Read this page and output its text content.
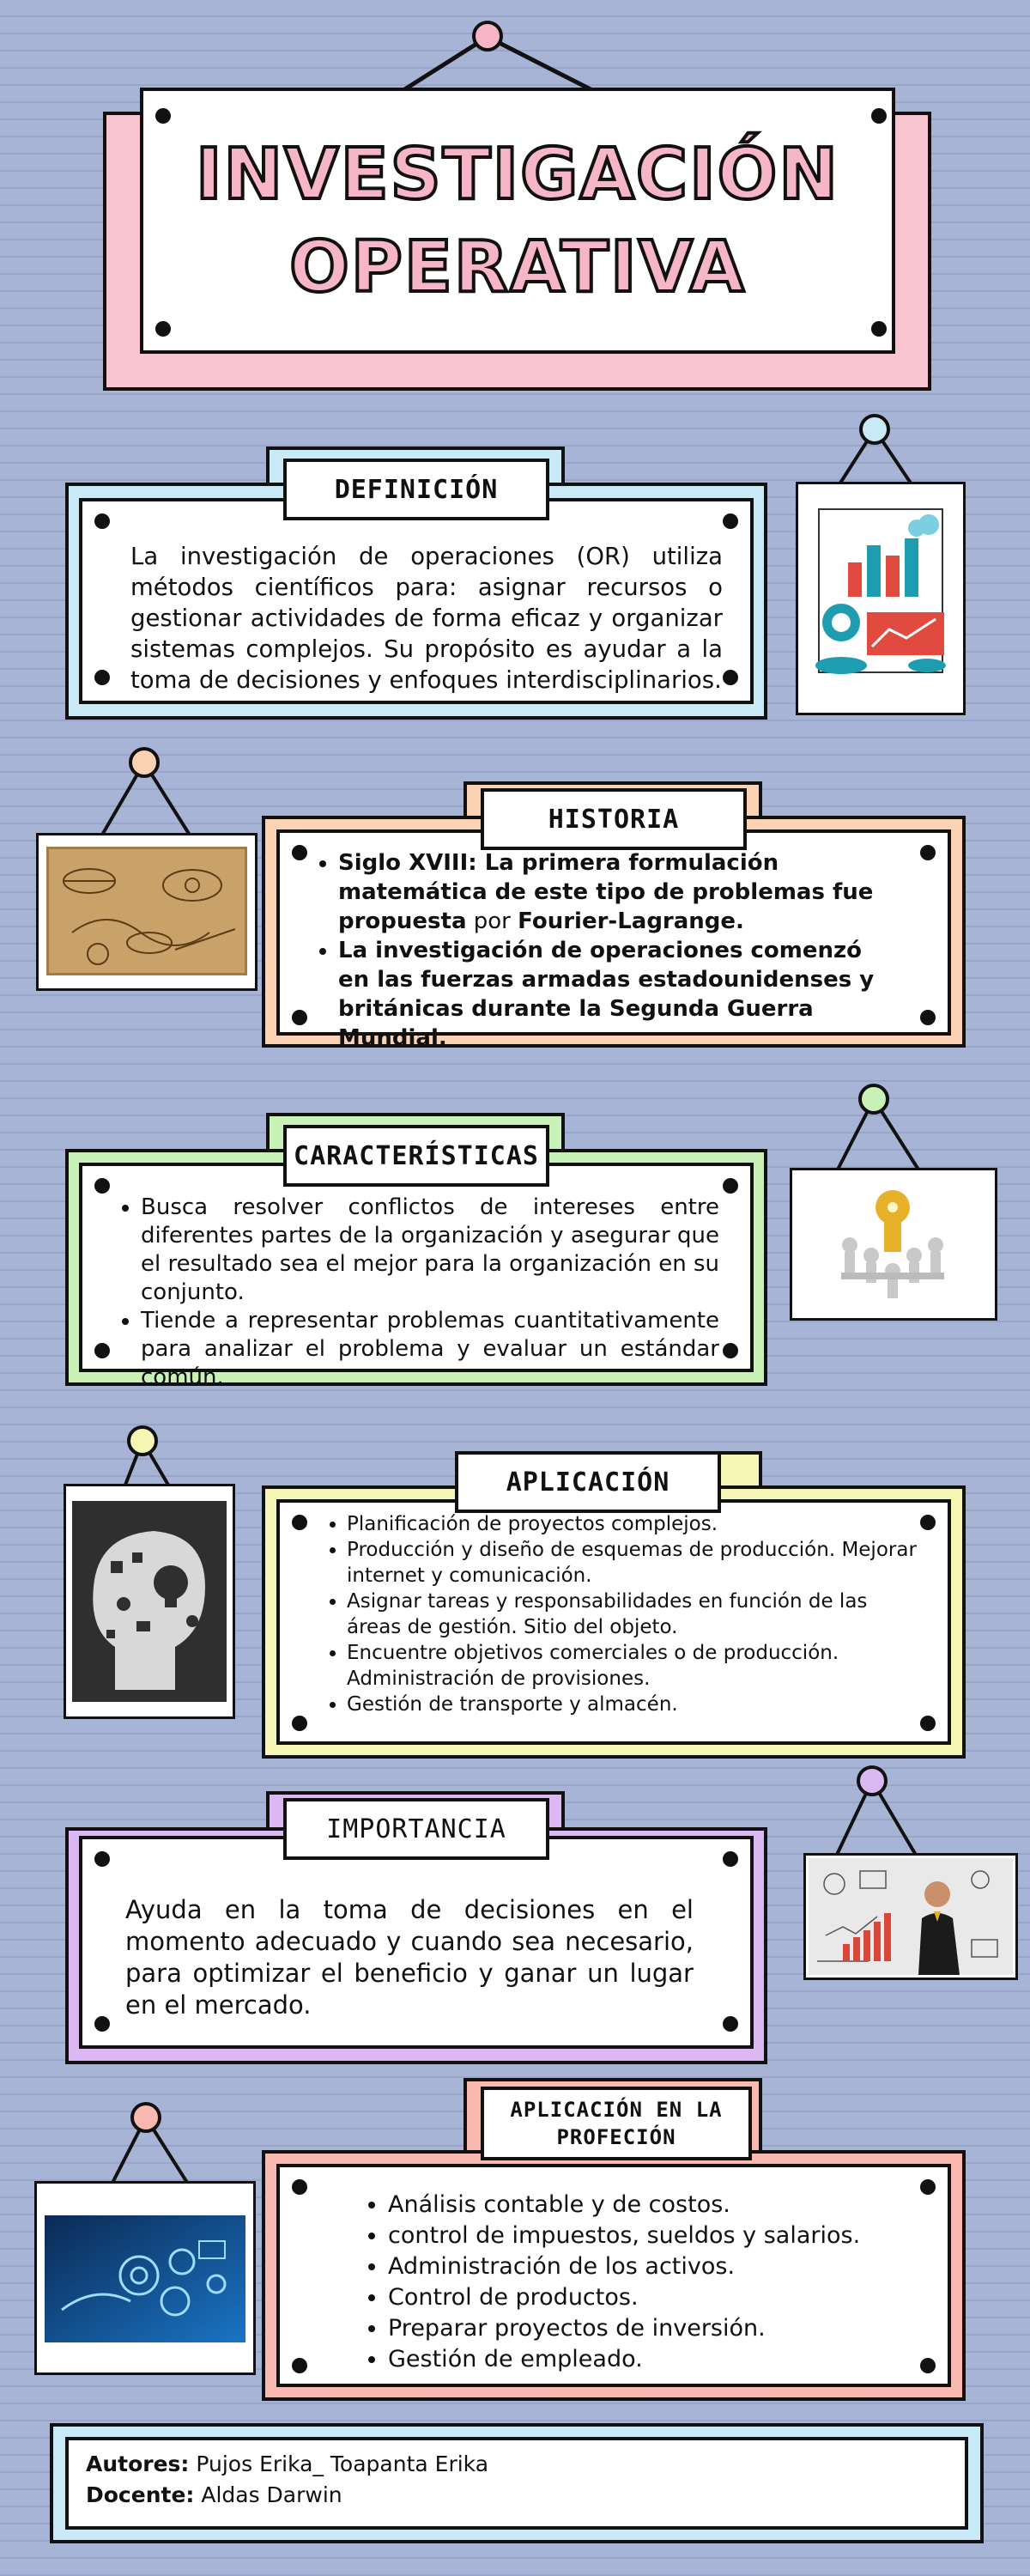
INVESTIGACIÓN
OPERATIVA
DEFINICIÓN
La investigación de operaciones (OR) utiliza métodos científicos para: asignar recursos o gestionar actividades de forma eficaz y organizar sistemas complejos. Su propósito es ayudar a la toma de decisiones y enfoques interdisciplinarios.
HISTORIA
• Siglo XVIII: La primera formulación matemática de este tipo de problemas fue propuesta por Fourier-Lagrange.
• La investigación de operaciones comenzó en las fuerzas armadas estadounidenses y británicas durante la Segunda Guerra Mundial.
CARACTERÍSTICAS
• Busca resolver conflictos de intereses entre diferentes partes de la organización y asegurar que el resultado sea el mejor para la organización en su conjunto.
• Tiende a representar problemas cuantitativamente para analizar el problema y evaluar un estándar común.
APLICACIÓN
• Planificación de proyectos complejos.
• Producción y diseño de esquemas de producción. Mejorar internet y comunicación.
• Asignar tareas y responsabilidades en función de las áreas de gestión. Sitio del objeto.
• Encuentre objetivos comerciales o de producción. Administración de provisiones.
• Gestión de transporte y almacén.
IMPORTANCIA
Ayuda en la toma de decisiones en el momento adecuado y cuando sea necesario, para optimizar el beneficio y ganar un lugar en el mercado.
APLICACIÓN EN LA
PROFECIÓN
• Análisis contable y de costos.
• control de impuestos, sueldos y salarios.
• Administración de los activos.
• Control de productos.
• Preparar proyectos de inversión.
• Gestión de empleado.
Autores: Pujos Erika_ Toapanta Erika
Docente: Aldas Darwin
